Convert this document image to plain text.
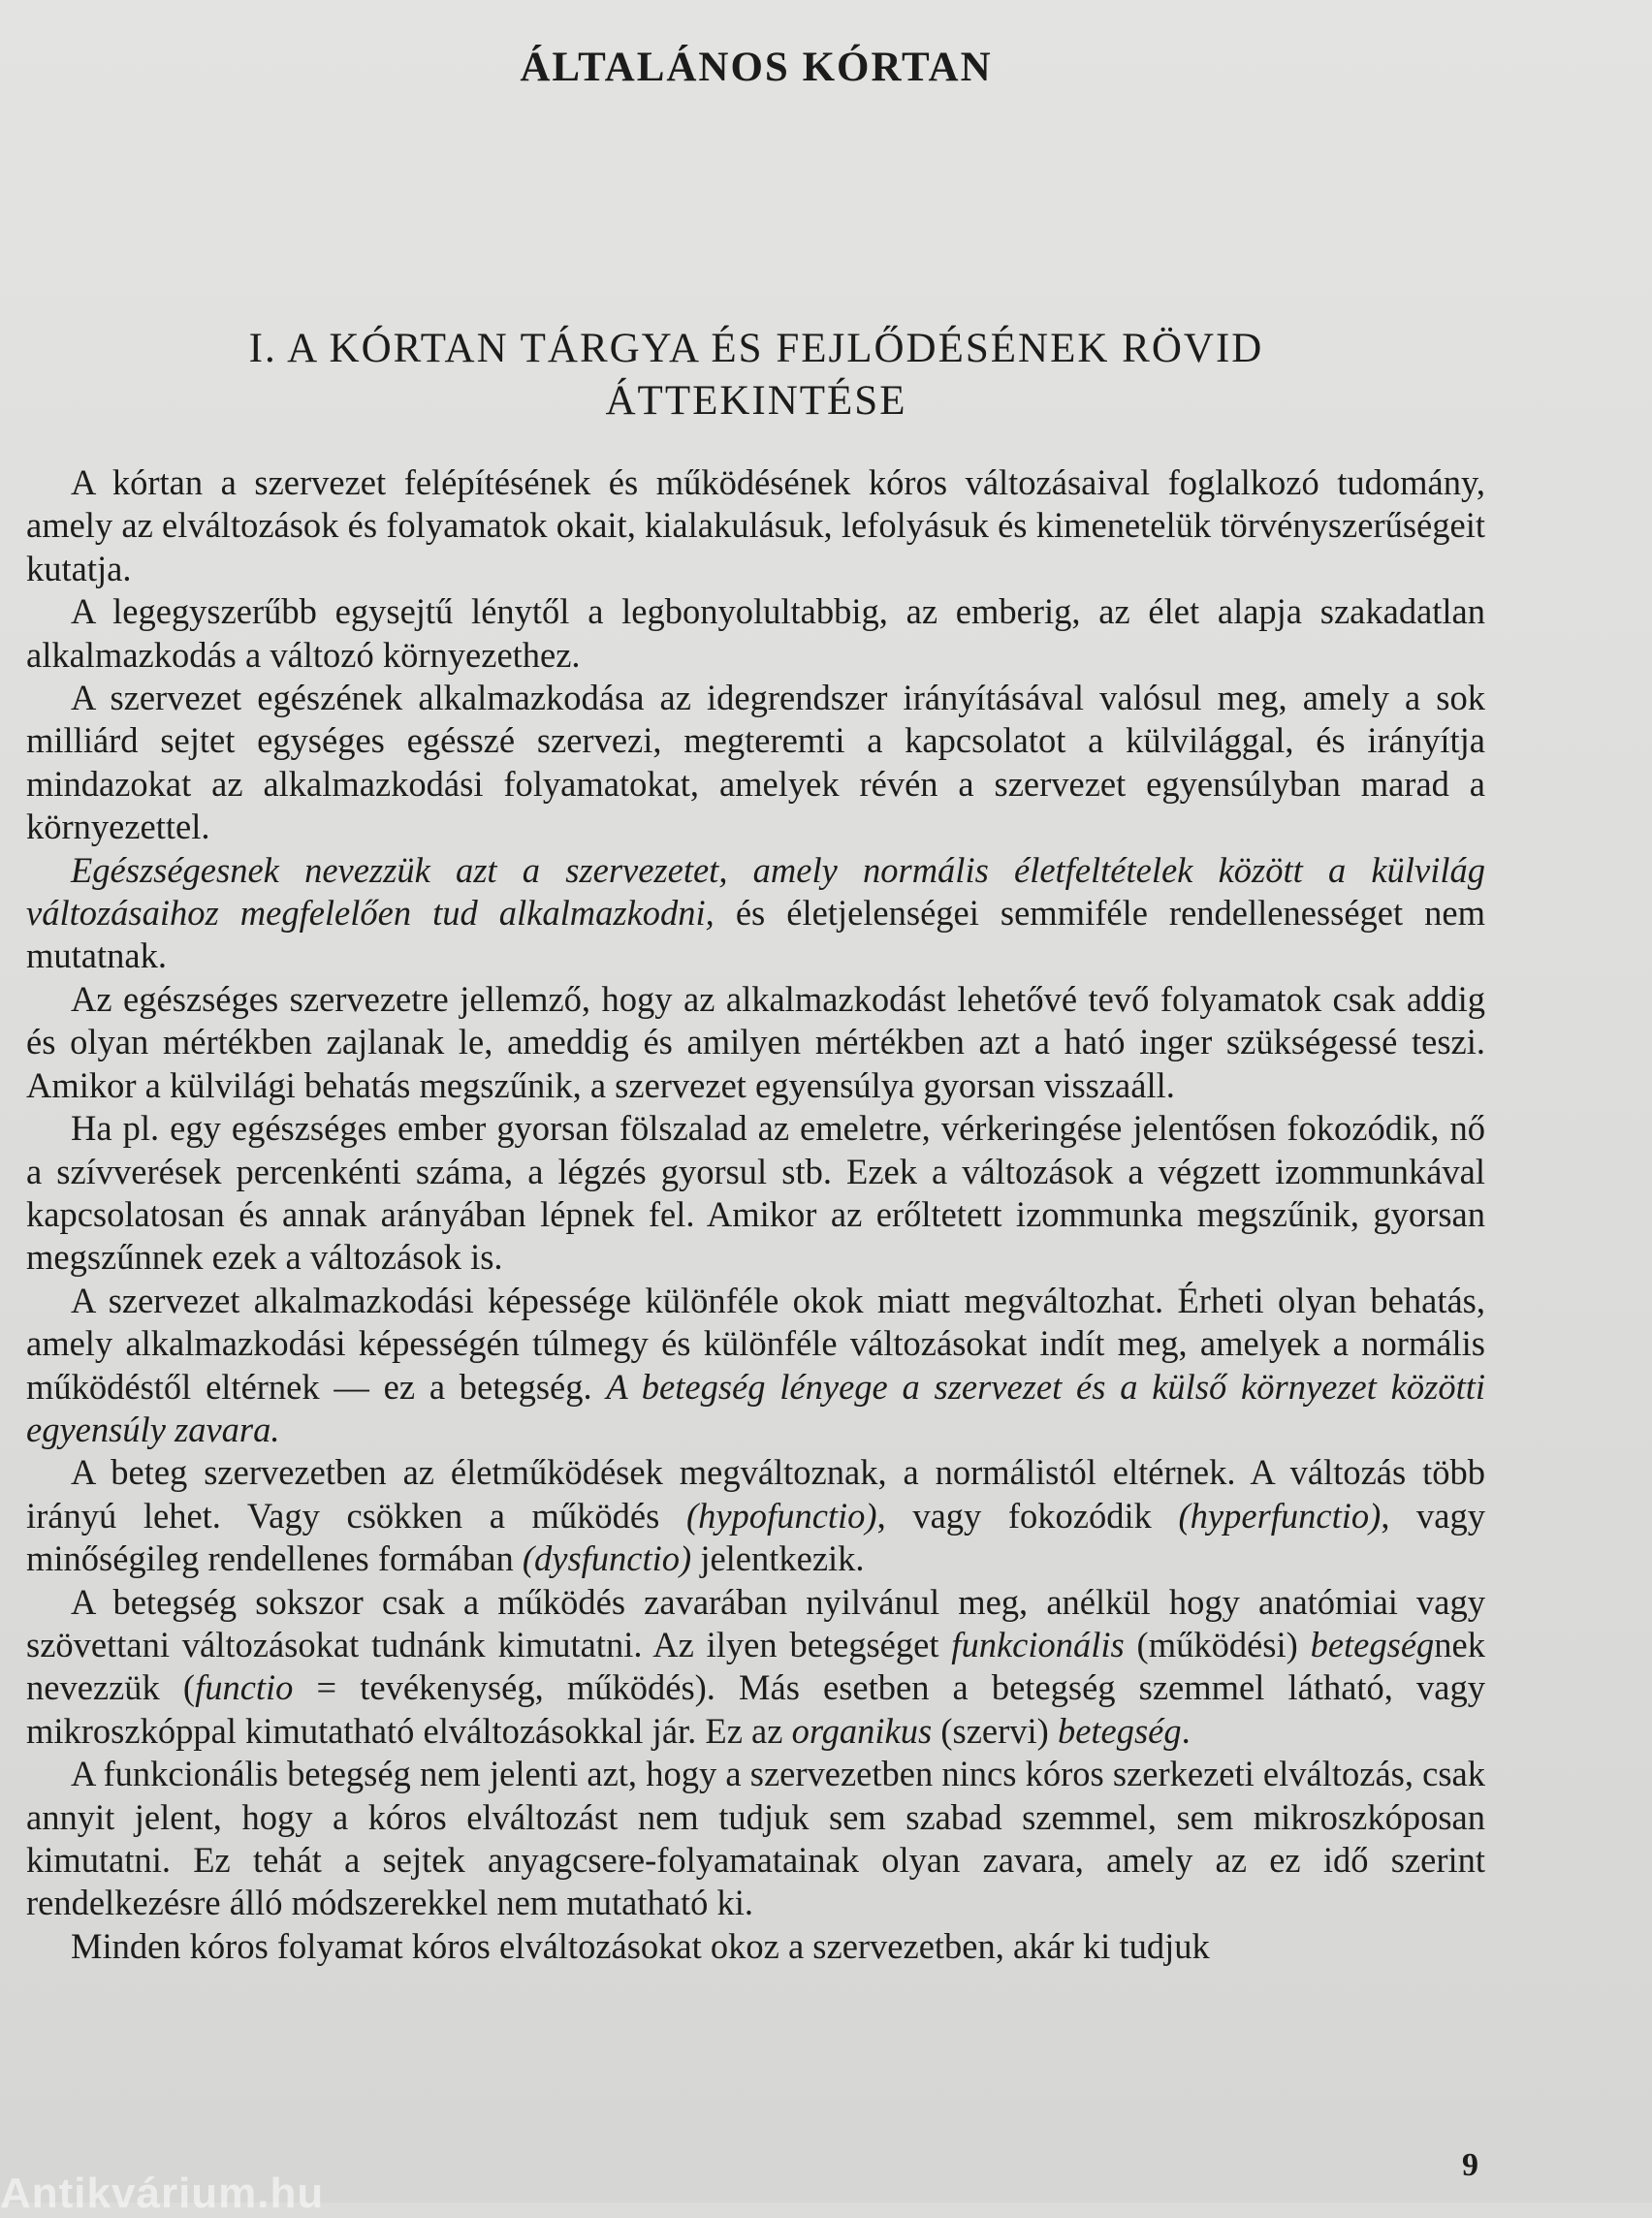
ÁLTALÁNOS KÓRTAN
I. A KÓRTAN TÁRGYA ÉS FEJLŐDÉSÉNEK RÖVID
ÁTTEKINTÉSE

A kórtan a szervezet felépítésének és működésének kóros változásaival foglalkozó tudomány, amely az elváltozások és folyamatok okait, kialakulásuk, lefolyásuk és kimenetelük törvényszerűségeit kutatja.

A legegyszerűbb egysejtű lénytől a legbonyolultabbig, az emberig, az élet alapja szakadatlan alkalmazkodás a változó környezethez.

A szervezet egészének alkalmazkodása az idegrendszer irányításával valósul meg, amely a sok milliárd sejtet egységes egésszé szervezi, megteremti a kapcsolatot a külvilággal, és irányítja mindazokat az alkalmazkodási folyamatokat, amelyek révén a szervezet egyensúlyban marad a környezettel.

Egészségesnek nevezzük azt a szervezetet, amely normális életfeltételek között a külvilág változásaihoz megfelelően tud alkalmazkodni, és életjelenségei semmiféle rendellenességet nem mutatnak.

Az egészséges szervezetre jellemző, hogy az alkalmazkodást lehetővé tevő folyamatok csak addig és olyan mértékben zajlanak le, ameddig és amilyen mértékben azt a ható inger szükségessé teszi. Amikor a külvilági behatás megszűnik, a szervezet egyensúlya gyorsan visszaáll.

Ha pl. egy egészséges ember gyorsan fölszalad az emeletre, vérkeringése jelentősen fokozódik, nő a szívverések percenkénti száma, a légzés gyorsul stb. Ezek a változások a végzett izommunkával kapcsolatosan és annak arányában lépnek fel. Amikor az erőltetett izommunka megszűnik, gyorsan megszűnnek ezek a változások is.

A szervezet alkalmazkodási képessége különféle okok miatt megváltozhat. Érheti olyan behatás, amely alkalmazkodási képességén túlmegy és különféle változásokat indít meg, amelyek a normális működéstől eltérnek — ez a betegség. A betegség lényege a szervezet és a külső környezet közötti egyensúly zavara.

A beteg szervezetben az életműködések megváltoznak, a normálistól eltérnek. A változás több irányú lehet. Vagy csökken a működés (hypofunctio), vagy fokozódik (hyperfunctio), vagy minőségileg rendellenes formában (dysfunctio) jelentkezik.

A betegség sokszor csak a működés zavarában nyilvánul meg, anélkül hogy anatómiai vagy szövettani változásokat tudnánk kimutatni. Az ilyen betegséget funkcionális (működési) betegségnek nevezzük (functio = tevékenység, működés). Más esetben a betegség szemmel látható, vagy mikroszkóppal kimutatható elváltozásokkal jár. Ez az organikus (szervi) betegség.

A funkcionális betegség nem jelenti azt, hogy a szervezetben nincs kóros szerkezeti elváltozás, csak annyit jelent, hogy a kóros elváltozást nem tudjuk sem szabad szemmel, sem mikroszkóposan kimutatni. Ez tehát a sejtek anyagcsere-folyamatainak olyan zavara, amely az ez idő szerint rendelkezésre álló módszerekkel nem mutatható ki.

Minden kóros folyamat kóros elváltozásokat okoz a szervezetben, akár ki tudjuk

9
Antikvárium.hu
